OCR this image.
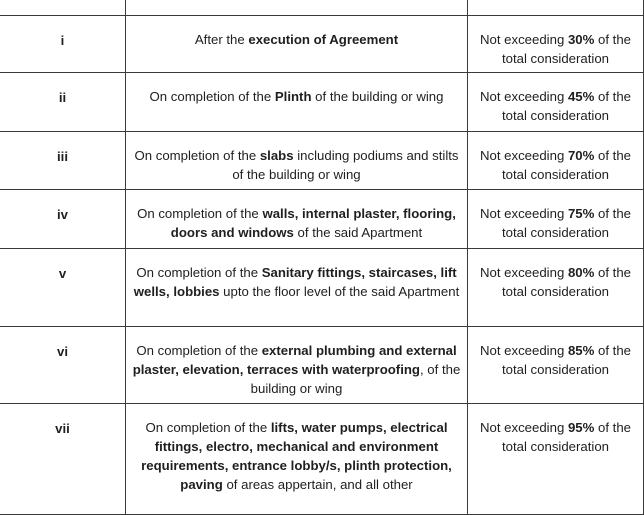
i	After the execution of Agreement	Not exceeding 30% of the total consideration

ii	On completion of the Plinth of the building or wing	Not exceeding 45% of the total consideration

iii	On completion of the slabs including podiums and stilts of the building or wing	Not exceeding 70% of the total consideration

iv	On completion of the walls, internal plaster, flooring, doors and windows of the said Apartment	Not exceeding 75% of the total consideration

v	On completion of the Sanitary fittings, staircases, lift wells, lobbies upto the floor level of the said Apartment	Not exceeding 80% of the total consideration

vi	On completion of the external plumbing and external plaster, elevation, terraces with waterproofing, of the building or wing	Not exceeding 85% of the total consideration

vii	On completion of the lifts, water pumps, electrical fittings, electro, mechanical and environment requirements, entrance lobby/s, plinth protection, paving of areas appertain, and all other	Not exceeding 95% of the total consideration
